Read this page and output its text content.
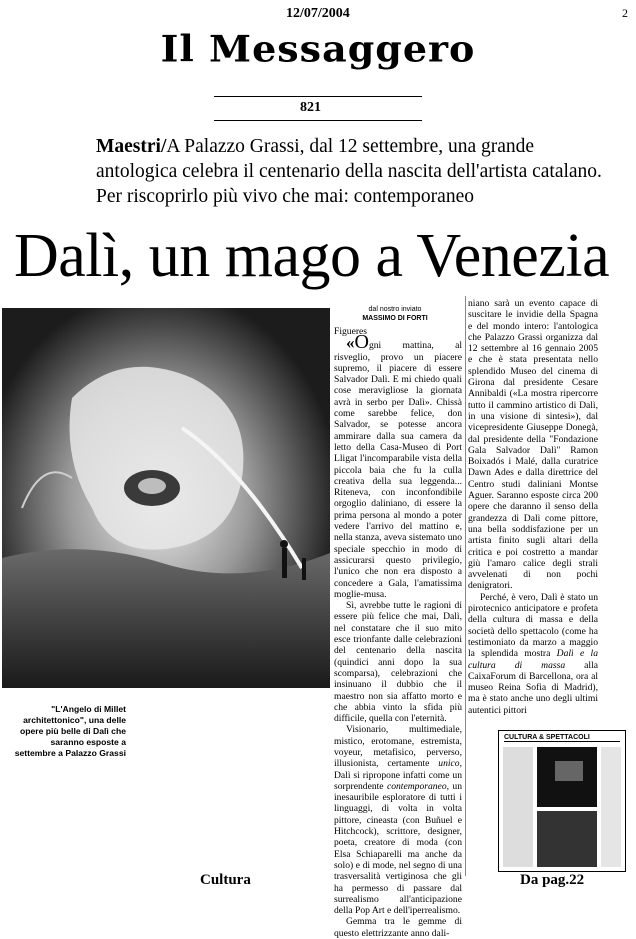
2
12/07/2004
Il Messaggero
821
Maestri/A Palazzo Grassi, dal 12 settembre, una grande antologica celebra il centenario della nascita dell'artista catalano. Per riscoprirlo più vivo che mai: contemporaneo
Dalì, un mago a Venezia
"L'Angelo di Millet architettonico", una delle opere più belle di Dalì che saranno esposte a settembre a Palazzo Grassi
dal nostro inviato
MASSIMO DI FORTI

Figueres

«Ogni mattina, al risveglio, provo un piacere supremo, il piacere di essere Salvador Dalì. E mi chiedo quali cose meravigliose la giornata avrà in serbo per Dalì». Chissà come sarebbe felice, don Salvador, se potesse ancora ammirare dalla sua camera da letto della Casa-Museo di Port Lligat l'incomparabile vista della piccola baia che fu la culla creativa della sua leggenda... Riteneva, con inconfondibile orgoglio daliniano, di essere la prima persona al mondo a poter vedere l'arrivo del mattino e, nella stanza, aveva sistemato uno speciale specchio in modo di assicurarsi questo privilegio, l'unico che non era disposto a concedere a Gala, l'amatissima moglie-musa.

Sì, avrebbe tutte le ragioni di essere più felice che mai, Dalì, nel constatare che il suo mito esce trionfante dalle celebrazioni del centenario della nascita (quindici anni dopo la sua scomparsa), celebrazioni che insinuano il dubbio che il maestro non sia affatto morto e che abbia vinto la sfida più difficile, quella con l'eternità.

Visionario, multimediale, mistico, erotomane, estremista, voyeur, metafisico, perverso, illusionista, certamente unico, Dalì si ripropone infatti come un sorprendente contemporaneo, un inesauribile esploratore di tutti i linguaggi, di volta in volta pittore, cineasta (con Buñuel e Hitchcock), scrittore, designer, poeta, creatore di moda (con Elsa Schiaparelli ma anche da solo) e di mode, nel segno di una trasversalità vertiginosa che gli ha permesso di passare dal surrealismo all'anticipazione della Pop Art e dell'iperrealismo.

Gemma tra le gemme di questo elettrizzante anno dali-

niano sarà un evento capace di suscitare le invidie della Spagna e del mondo intero: l'antologica che Palazzo Grassi organizza dal 12 settembre al 16 gennaio 2005 e che è stata presentata nello splendido Museo del cinema di Girona dal presidente Cesare Annibaldi («La mostra ripercorre tutto il cammino artistico di Dalì, in una visione di sintesi»), dal vicepresidente Giuseppe Donegà, dal presidente della "Fondazione Gala Salvador Dalì" Ramon Boixadós i Malé, dalla curatrice Dawn Ades e dalla direttrice del Centro studi daliniani Montse Aguer. Saranno esposte circa 200 opere che daranno il senso della grandezza di Dalì come pittore, una bella soddisfazione per un artista finito sugli altari della critica e poi costretto a mandar giù l'amaro calice degli strali avvelenati di non pochi denigratori.

Perché, è vero, Dalì è stato un pirotecnico anticipatore e profeta della cultura di massa e della società dello spettacolo (come ha testimoniato da marzo a maggio la splendida mostra Dalì e la cultura di massa alla CaixaForum di Barcellona, ora al museo Reina Sofia di Madrid), ma è stato anche uno degli ultimi autentici pittori

CULTURA & SPETTACOLI
Cultura	Da pag.22
